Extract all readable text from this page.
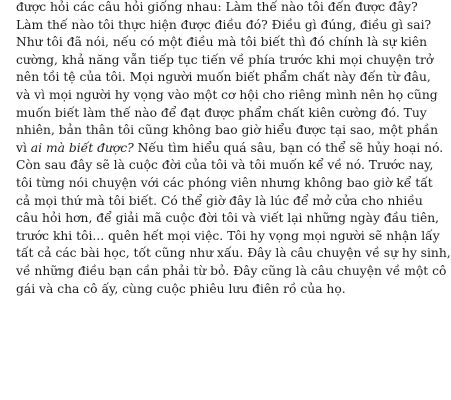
được hỏi các câu hỏi giống nhau: Làm thế nào tôi đến được đây?
Làm thế nào tôi thực hiện được điều đó? Điều gì đúng, điều gì sai?
Như tôi đã nói, nếu có một điều mà tôi biết thì đó chính là sự kiên
cường, khả năng vẫn tiếp tục tiến về phía trước khi mọi chuyện trở
nên tồi tệ của tôi. Mọi người muốn biết phẩm chất này đến từ đâu,
và vì mọi người hy vọng vào một cơ hội cho riêng mình nên họ cũng
muốn biết làm thế nào để đạt được phẩm chất kiên cường đó. Tuy
nhiên, bản thân tôi cũng không bao giờ hiểu được tại sao, một phần
vì ai mà biết được? Nếu tìm hiểu quá sâu, bạn có thể sẽ hủy hoại nó.
Còn sau đây sẽ là cuộc đời của tôi và tôi muốn kể về nó. Trước nay,
tôi từng nói chuyện với các phóng viên nhưng không bao giờ kể tất
cả mọi thứ mà tôi biết. Có thể giờ đây là lúc để mở cửa cho nhiều
câu hỏi hơn, để giải mã cuộc đời tôi và viết lại những ngày đầu tiên,
trước khi tôi... quên hết mọi việc. Tôi hy vọng mọi người sẽ nhận lấy
tất cả các bài học, tốt cũng như xấu. Đây là câu chuyện về sự hy sinh,
về những điều bạn cần phải từ bỏ. Đây cũng là câu chuyện về một cô
gái và cha cô ấy, cùng cuộc phiêu lưu điên rồ của họ.
